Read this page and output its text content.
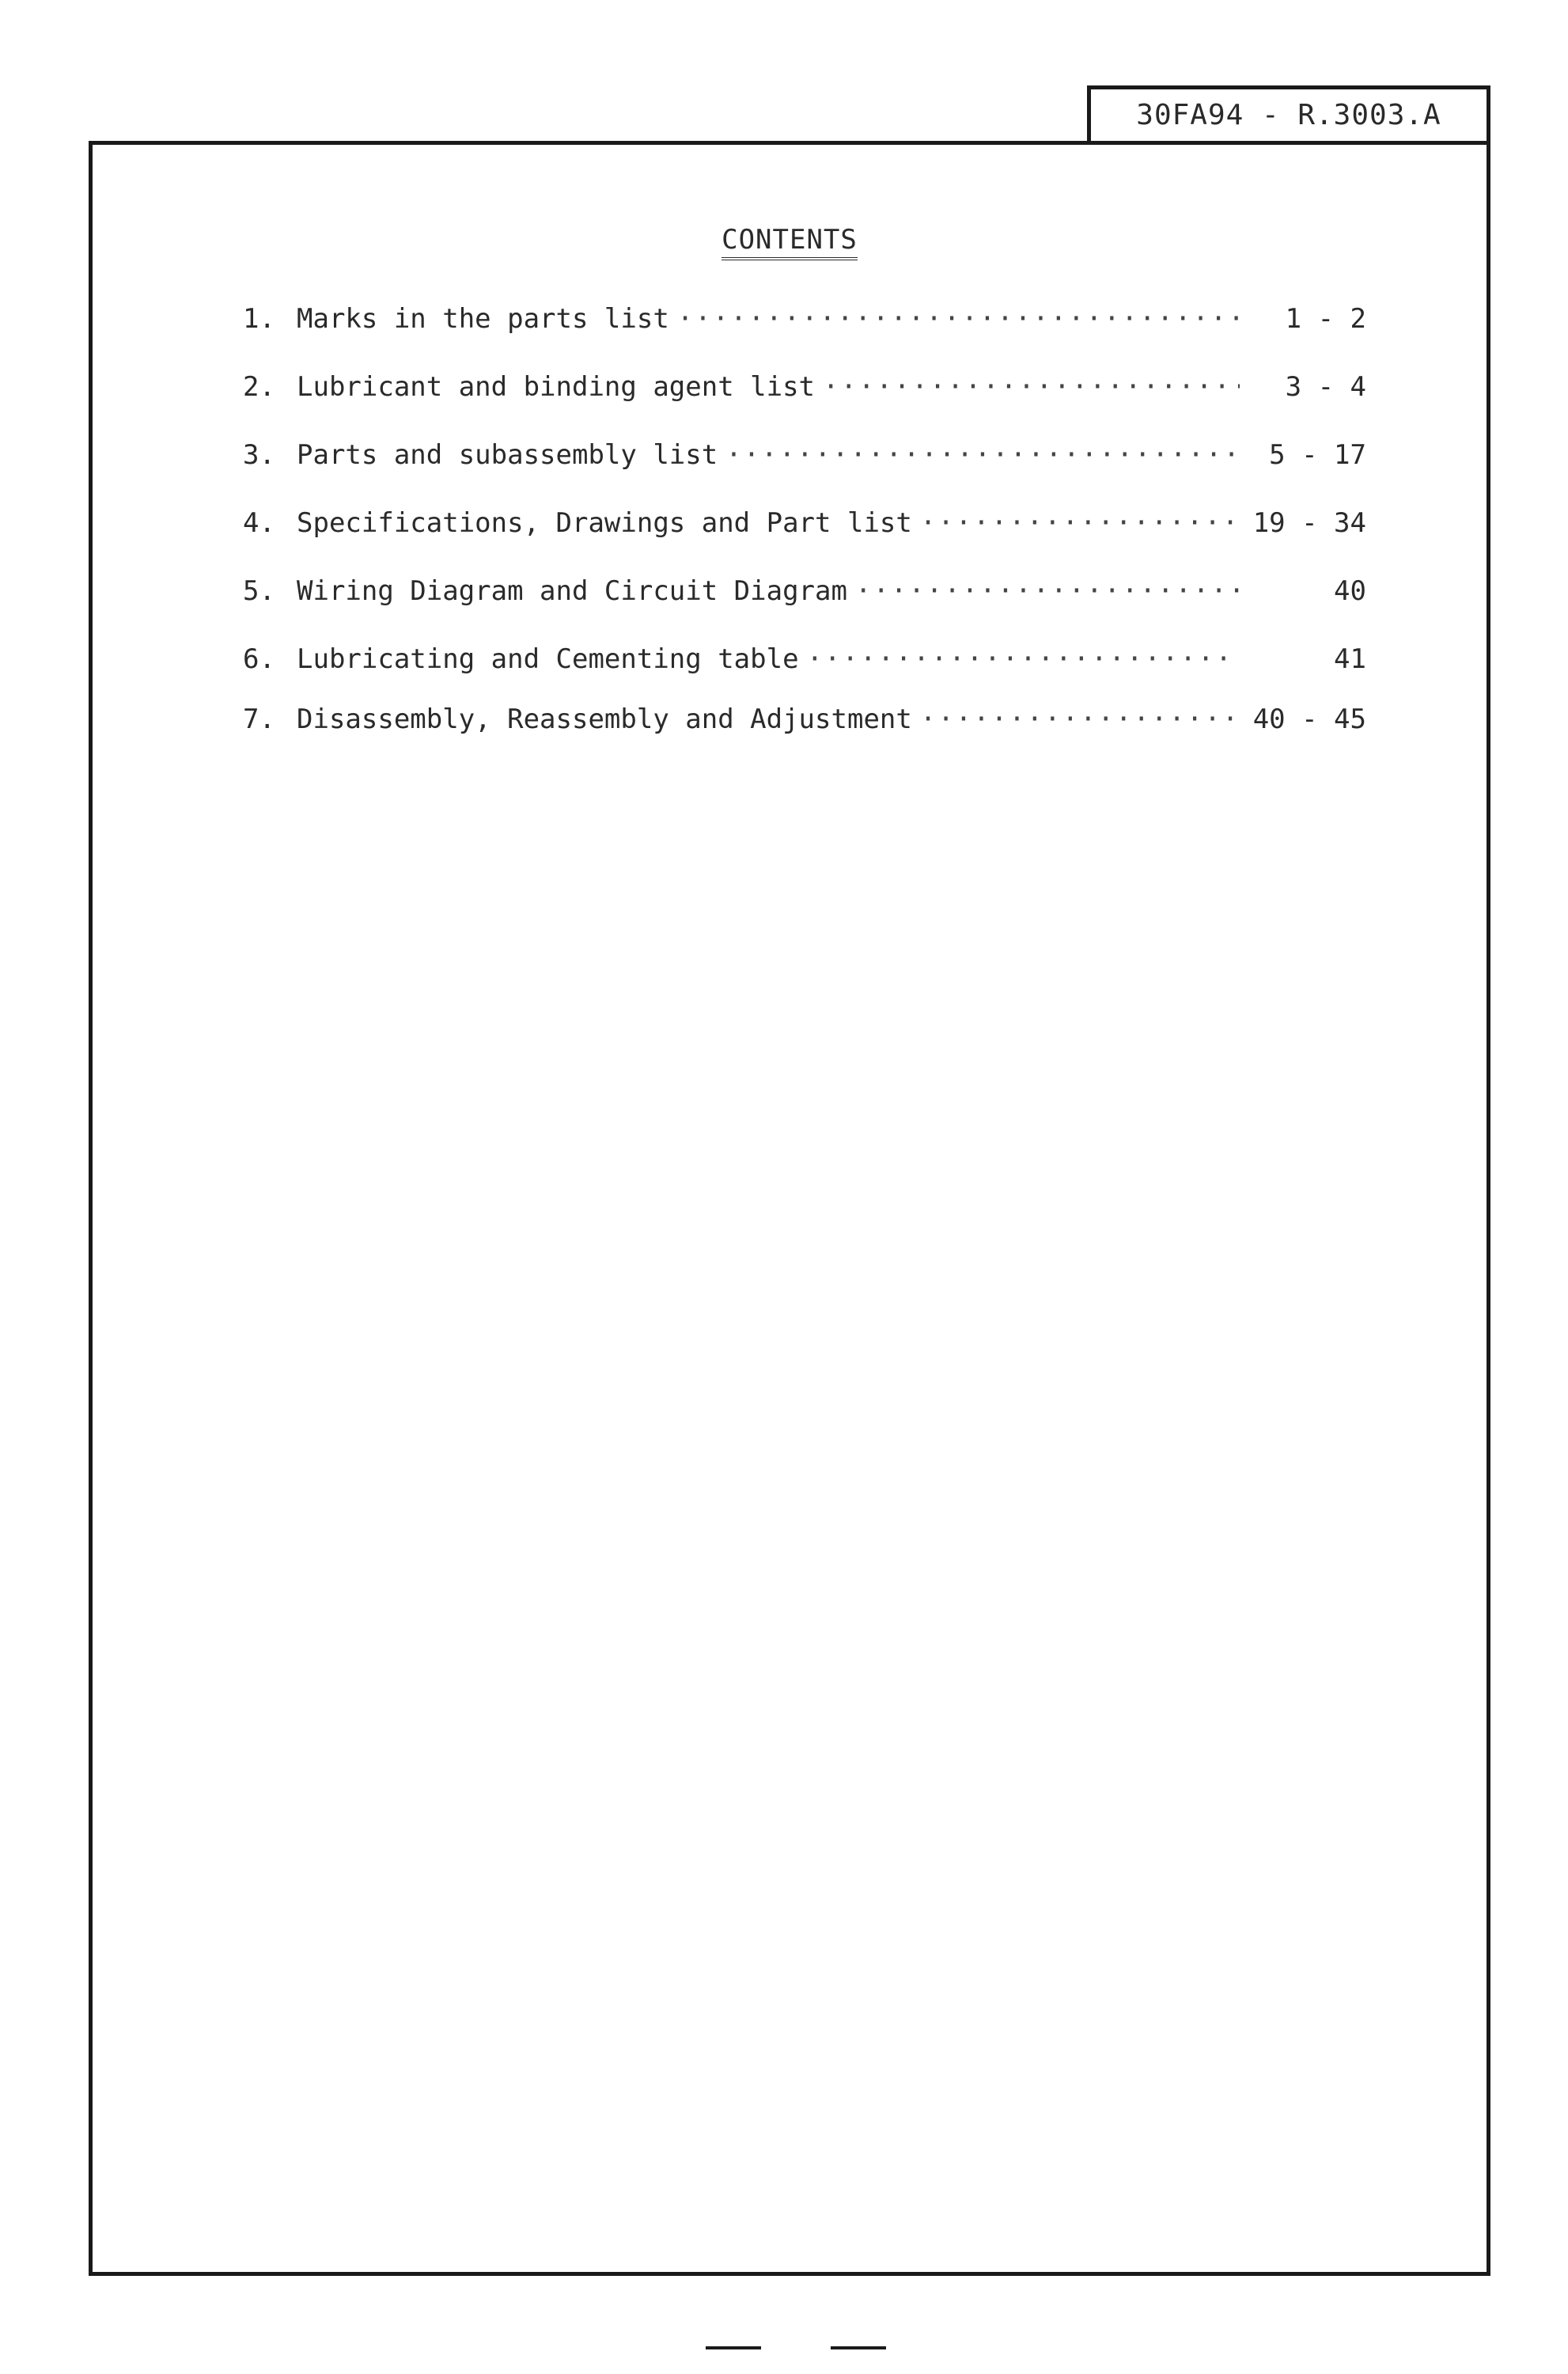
30FA94 - R.3003.A
CONTENTS
1. Marks in the parts list ·····	1 - 2
2. Lubricant and binding agent list ·····	3 - 4
3. Parts and subassembly list ·····	5 - 17
4. Specifications, Drawings and Part list ·····	19 - 34
5. Wiring Diagram and Circuit Diagram ·····	40
6. Lubricating and Cementing table ·····	41
7. Disassembly, Reassembly and Adjustment ·····	40 - 45
